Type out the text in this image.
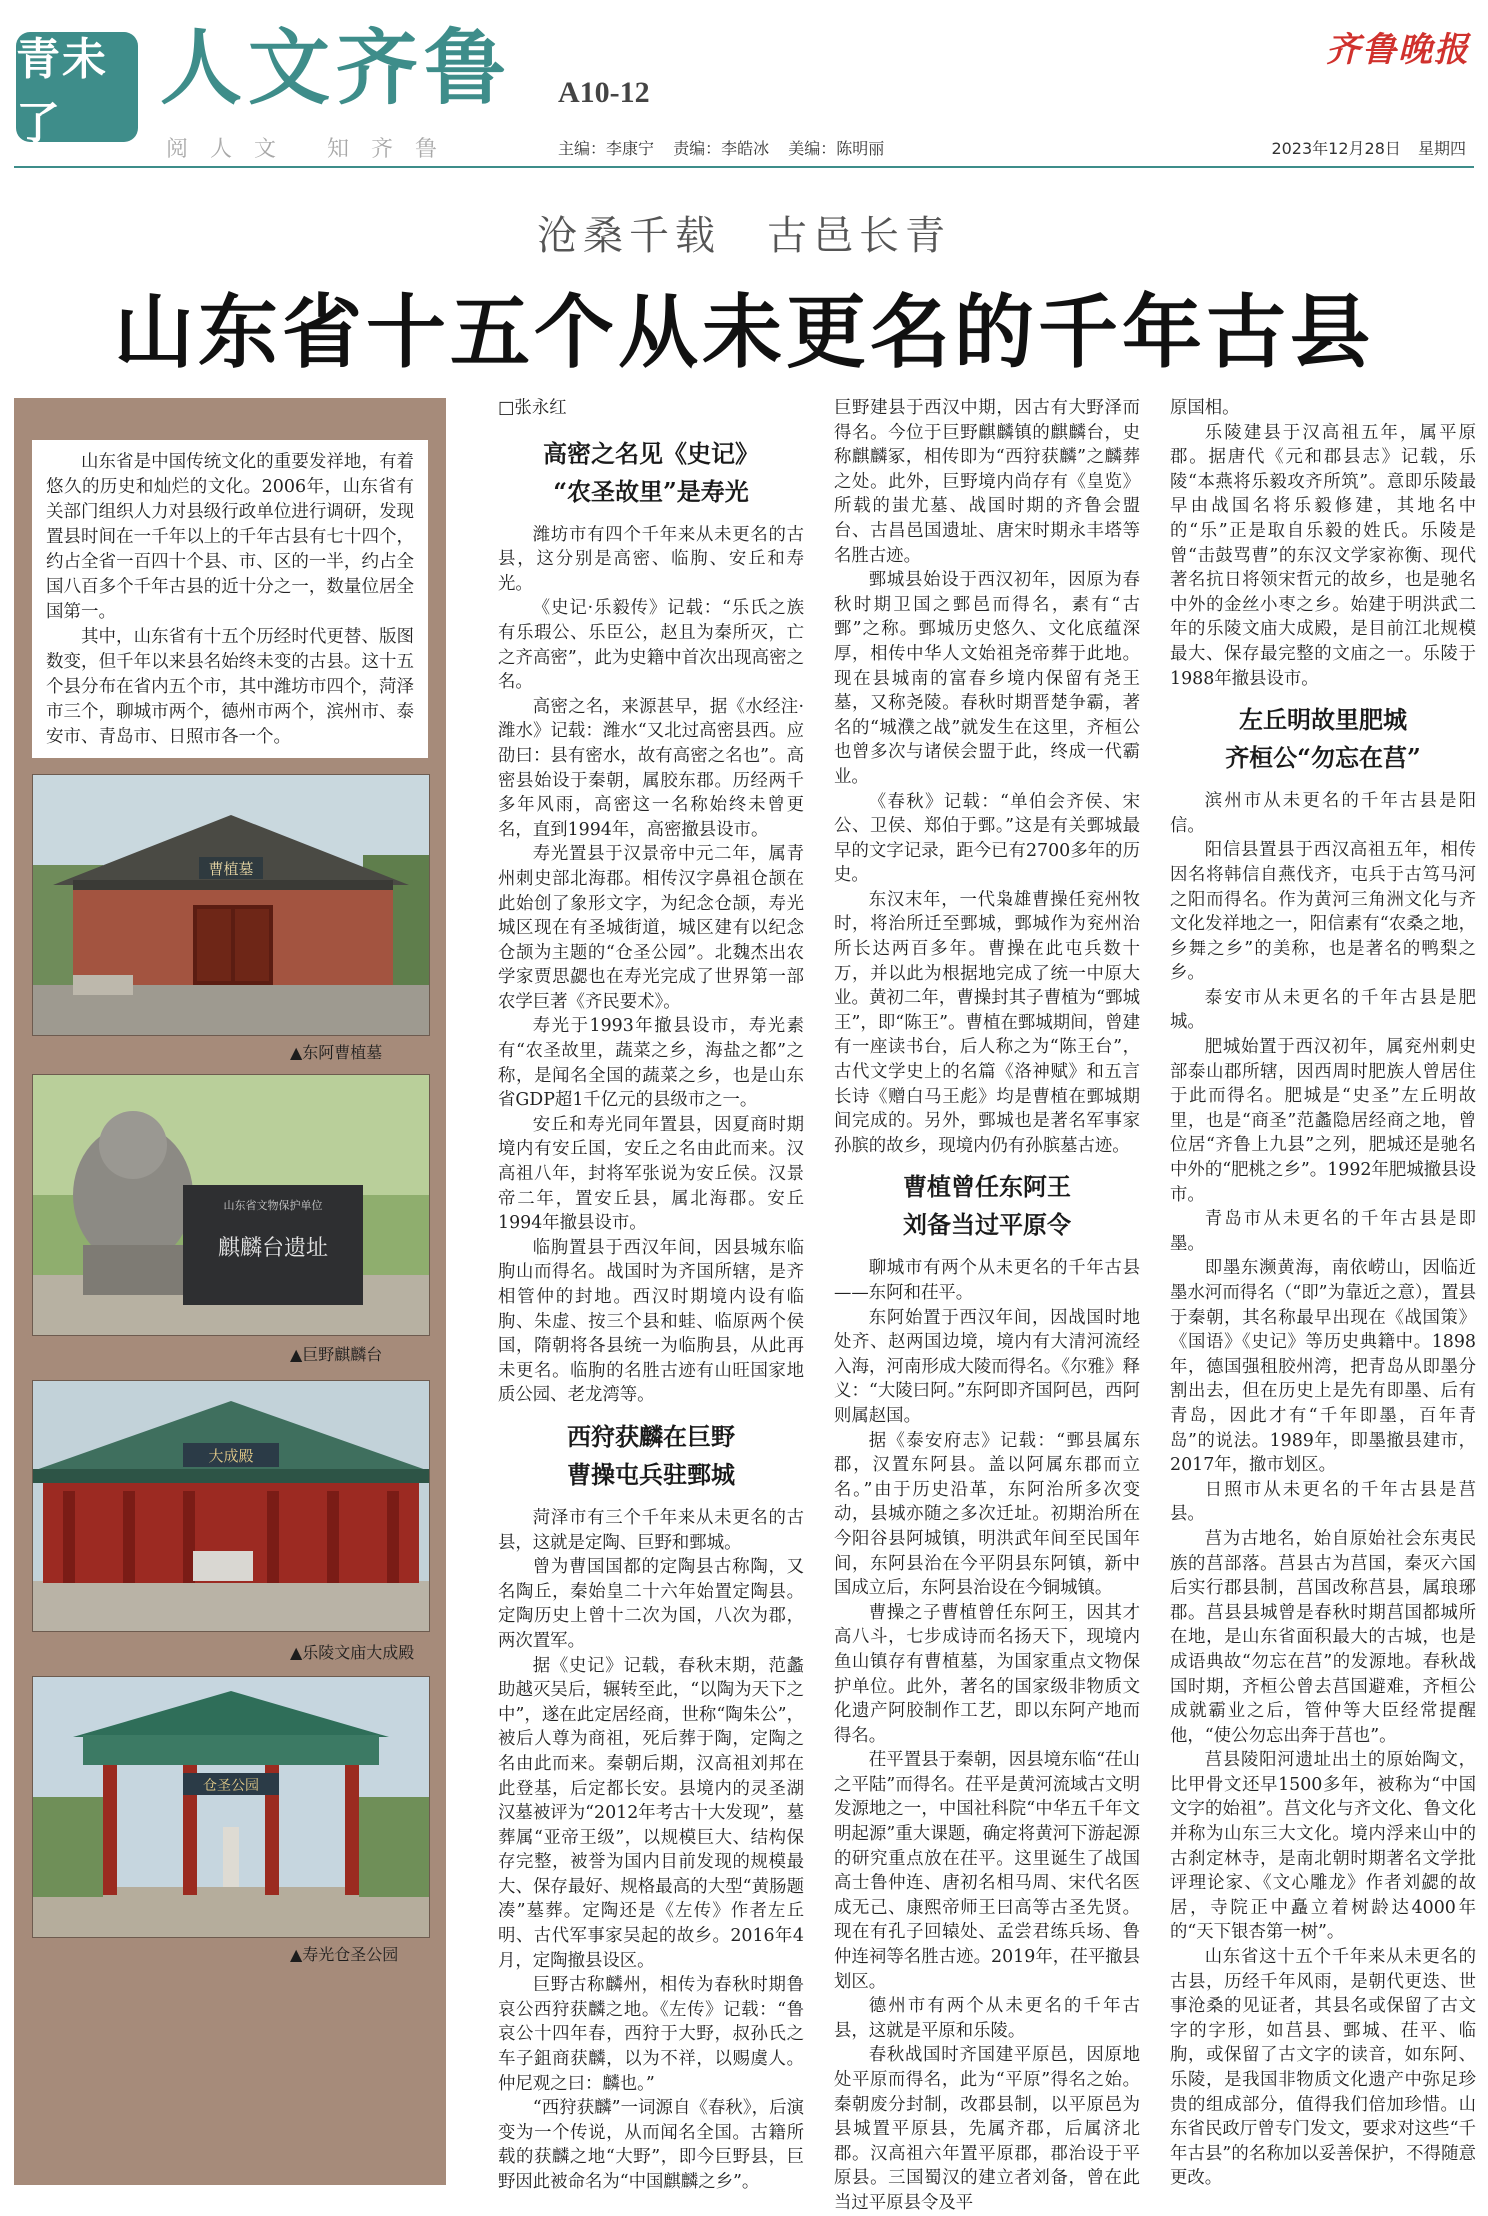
青未了
人文齐鲁 A10-12
阅人文 知齐鲁
齐鲁晚报
主编：李康宁 责编：李皓冰 美编：陈明丽	2023年12月28日 星期四
沧桑千载　古邑长青
山东省十五个从未更名的千年古县

山东省是中国传统文化的重要发祥地，有着悠久的历史和灿烂的文化。2006年，山东省有关部门组织人力对县级行政单位进行调研，发现置县时间在一千年以上的千年古县有七十四个，约占全省一百四十个县、市、区的一半，约占全国八百多个千年古县的近十分之一，数量位居全国第一。

其中，山东省有十五个历经时代更替、版图数变，但千年以来县名始终未变的古县。这十五个县分布在省内五个市，其中潍坊市四个，菏泽市三个，聊城市两个，德州市两个，滨州市、泰安市、青岛市、日照市各一个。

曹植墓
▲东阿曹植墓
山东省文物保护单位
麒麟台遗址
▲巨野麒麟台
大成殿
▲乐陵文庙大成殿
仓圣公园
▲寿光仓圣公园

□张永红

高密之名见《史记》
“农圣故里”是寿光

潍坊市有四个千年来从未更名的古县，这分别是高密、临朐、安丘和寿光。

《史记·乐毅传》记载：“乐氏之族有乐瑕公、乐臣公，赵且为秦所灭，亡之齐高密”，此为史籍中首次出现高密之名。

高密之名，来源甚早，据《水经注·潍水》记载：潍水“又北过高密县西。应劭曰：县有密水，故有高密之名也”。高密县始设于秦朝，属胶东郡。历经两千多年风雨，高密这一名称始终未曾更名，直到1994年，高密撤县设市。

寿光置县于汉景帝中元二年，属青州刺史部北海郡。相传汉字鼻祖仓颉在此始创了象形文字，为纪念仓颉，寿光城区现在有圣城街道，城区建有以纪念仓颉为主题的“仓圣公园”。北魏杰出农学家贾思勰也在寿光完成了世界第一部农学巨著《齐民要术》。

寿光于1993年撤县设市，寿光素有“农圣故里，蔬菜之乡，海盐之都”之称，是闻名全国的蔬菜之乡，也是山东省GDP超1千亿元的县级市之一。

安丘和寿光同年置县，因夏商时期境内有安丘国，安丘之名由此而来。汉高祖八年，封将军张说为安丘侯。汉景帝二年，置安丘县，属北海郡。安丘1994年撤县设市。

临朐置县于西汉年间，因县城东临朐山而得名。战国时为齐国所辖，是齐相管仲的封地。西汉时期境内设有临朐、朱虚、按三个县和蛙、临原两个侯国，隋朝将各县统一为临朐县，从此再未更名。临朐的名胜古迹有山旺国家地质公园、老龙湾等。

西狩获麟在巨野
曹操屯兵驻鄄城

菏泽市有三个千年来从未更名的古县，这就是定陶、巨野和鄄城。

曾为曹国国都的定陶县古称陶，又名陶丘，秦始皇二十六年始置定陶县。定陶历史上曾十二次为国，八次为郡，两次置军。

据《史记》记载，春秋末期，范蠡助越灭吴后，辗转至此，“以陶为天下之中”，遂在此定居经商，世称“陶朱公”，被后人尊为商祖，死后葬于陶，定陶之名由此而来。秦朝后期，汉高祖刘邦在此登基，后定都长安。县境内的灵圣湖汉墓被评为“2012年考古十大发现”，墓葬属“亚帝王级”，以规模巨大、结构保存完整，被誉为国内目前发现的规模最大、保存最好、规格最高的大型“黄肠题凑”墓葬。定陶还是《左传》作者左丘明、古代军事家吴起的故乡。2016年4月，定陶撤县设区。

巨野古称麟州，相传为春秋时期鲁哀公西狩获麟之地。《左传》记载：“鲁哀公十四年春，西狩于大野，叔孙氏之车子鉏商获麟，以为不祥，以赐虞人。仲尼观之曰：麟也。”

“西狩获麟”一词源自《春秋》，后演变为一个传说，从而闻名全国。古籍所载的获麟之地“大野”，即今巨野县，巨野因此被命名为“中国麒麟之乡”。

巨野建县于西汉中期，因古有大野泽而得名。今位于巨野麒麟镇的麒麟台，史称麒麟冢，相传即为“西狩获麟”之麟葬之处。此外，巨野境内尚存有《皇览》所载的蚩尤墓、战国时期的齐鲁会盟台、古昌邑国遗址、唐宋时期永丰塔等名胜古迹。

鄄城县始设于西汉初年，因原为春秋时期卫国之鄄邑而得名，素有“古鄄”之称。鄄城历史悠久、文化底蕴深厚，相传中华人文始祖尧帝葬于此地。现在县城南的富春乡境内保留有尧王墓，又称尧陵。春秋时期晋楚争霸，著名的“城濮之战”就发生在这里，齐桓公也曾多次与诸侯会盟于此，终成一代霸业。

《春秋》记载：“单伯会齐侯、宋公、卫侯、郑伯于鄄。”这是有关鄄城最早的文字记录，距今已有2700多年的历史。

东汉末年，一代枭雄曹操任兖州牧时，将治所迁至鄄城，鄄城作为兖州治所长达两百多年。曹操在此屯兵数十万，并以此为根据地完成了统一中原大业。黄初二年，曹操封其子曹植为“鄄城王”，即“陈王”。曹植在鄄城期间，曾建有一座读书台，后人称之为“陈王台”，古代文学史上的名篇《洛神赋》和五言长诗《赠白马王彪》均是曹植在鄄城期间完成的。另外，鄄城也是著名军事家孙膑的故乡，现境内仍有孙膑墓古迹。

曹植曾任东阿王
刘备当过平原令

聊城市有两个从未更名的千年古县——东阿和茌平。

东阿始置于西汉年间，因战国时地处齐、赵两国边境，境内有大清河流经入海，河南形成大陵而得名。《尔雅》释义：“大陵曰阿。”东阿即齐国阿邑，西阿则属赵国。

据《泰安府志》记载：“鄄县属东郡，汉置东阿县。盖以阿属东郡而立名。”由于历史沿革，东阿治所多次变动，县城亦随之多次迁址。初期治所在今阳谷县阿城镇，明洪武年间至民国年间，东阿县治在今平阴县东阿镇，新中国成立后，东阿县治设在今铜城镇。

曹操之子曹植曾任东阿王，因其才高八斗，七步成诗而名扬天下，现境内鱼山镇存有曹植墓，为国家重点文物保护单位。此外，著名的国家级非物质文化遗产阿胶制作工艺，即以东阿产地而得名。

茌平置县于秦朝，因县境东临“茌山之平陆”而得名。茌平是黄河流域古文明发源地之一，中国社科院“中华五千年文明起源”重大课题，确定将黄河下游起源的研究重点放在茌平。这里诞生了战国高士鲁仲连、唐初名相马周、宋代名医成无己、康熙帝师王曰高等古圣先贤。现在有孔子回辕处、孟尝君练兵场、鲁仲连祠等名胜古迹。2019年，茌平撤县划区。

德州市有两个从未更名的千年古县，这就是平原和乐陵。

春秋战国时齐国建平原邑，因原地处平原而得名，此为“平原”得名之始。秦朝废分封制，改郡县制，以平原邑为县城置平原县，先属齐郡，后属济北郡。汉高祖六年置平原郡，郡治设于平原县。三国蜀汉的建立者刘备，曾在此当过平原县令及平

原国相。

乐陵建县于汉高祖五年，属平原郡。据唐代《元和郡县志》记载，乐陵“本燕将乐毅攻齐所筑”。意即乐陵最早由战国名将乐毅修建，其地名中的“乐”正是取自乐毅的姓氏。乐陵是曾“击鼓骂曹”的东汉文学家祢衡、现代著名抗日将领宋哲元的故乡，也是驰名中外的金丝小枣之乡。始建于明洪武二年的乐陵文庙大成殿，是目前江北规模最大、保存最完整的文庙之一。乐陵于1988年撤县设市。

左丘明故里肥城
齐桓公“勿忘在莒”

滨州市从未更名的千年古县是阳信。

阳信县置县于西汉高祖五年，相传因名将韩信自燕伐齐，屯兵于古笃马河之阳而得名。作为黄河三角洲文化与齐文化发祥地之一，阳信素有“农桑之地，乡舞之乡”的美称，也是著名的鸭梨之乡。

泰安市从未更名的千年古县是肥城。

肥城始置于西汉初年，属兖州刺史部泰山郡所辖，因西周时肥族人曾居住于此而得名。肥城是“史圣”左丘明故里，也是“商圣”范蠡隐居经商之地，曾位居“齐鲁上九县”之列，肥城还是驰名中外的“肥桃之乡”。1992年肥城撤县设市。

青岛市从未更名的千年古县是即墨。

即墨东濒黄海，南依崂山，因临近墨水河而得名（“即”为靠近之意），置县于秦朝，其名称最早出现在《战国策》《国语》《史记》等历史典籍中。1898年，德国强租胶州湾，把青岛从即墨分割出去，但在历史上是先有即墨、后有青岛，因此才有“千年即墨，百年青岛”的说法。1989年，即墨撤县建市，2017年，撤市划区。

日照市从未更名的千年古县是莒县。

莒为古地名，始自原始社会东夷民族的莒部落。莒县古为莒国，秦灭六国后实行郡县制，莒国改称莒县，属琅琊郡。莒县县城曾是春秋时期莒国都城所在地，是山东省面积最大的古城，也是成语典故“勿忘在莒”的发源地。春秋战国时期，齐桓公曾去莒国避难，齐桓公成就霸业之后，管仲等大臣经常提醒他，“使公勿忘出奔于莒也”。

莒县陵阳河遗址出土的原始陶文，比甲骨文还早1500多年，被称为“中国文字的始祖”。莒文化与齐文化、鲁文化并称为山东三大文化。境内浮来山中的古刹定林寺，是南北朝时期著名文学批评理论家、《文心雕龙》作者刘勰的故居，寺院正中矗立着树龄达4000年的“天下银杏第一树”。

山东省这十五个千年来从未更名的古县，历经千年风雨，是朝代更迭、世事沧桑的见证者，其县名或保留了古文字的字形，如莒县、鄄城、茌平、临朐，或保留了古文字的读音，如东阿、乐陵，是我国非物质文化遗产中弥足珍贵的组成部分，值得我们倍加珍惜。山东省民政厅曾专门发文，要求对这些“千年古县”的名称加以妥善保护，不得随意更改。
